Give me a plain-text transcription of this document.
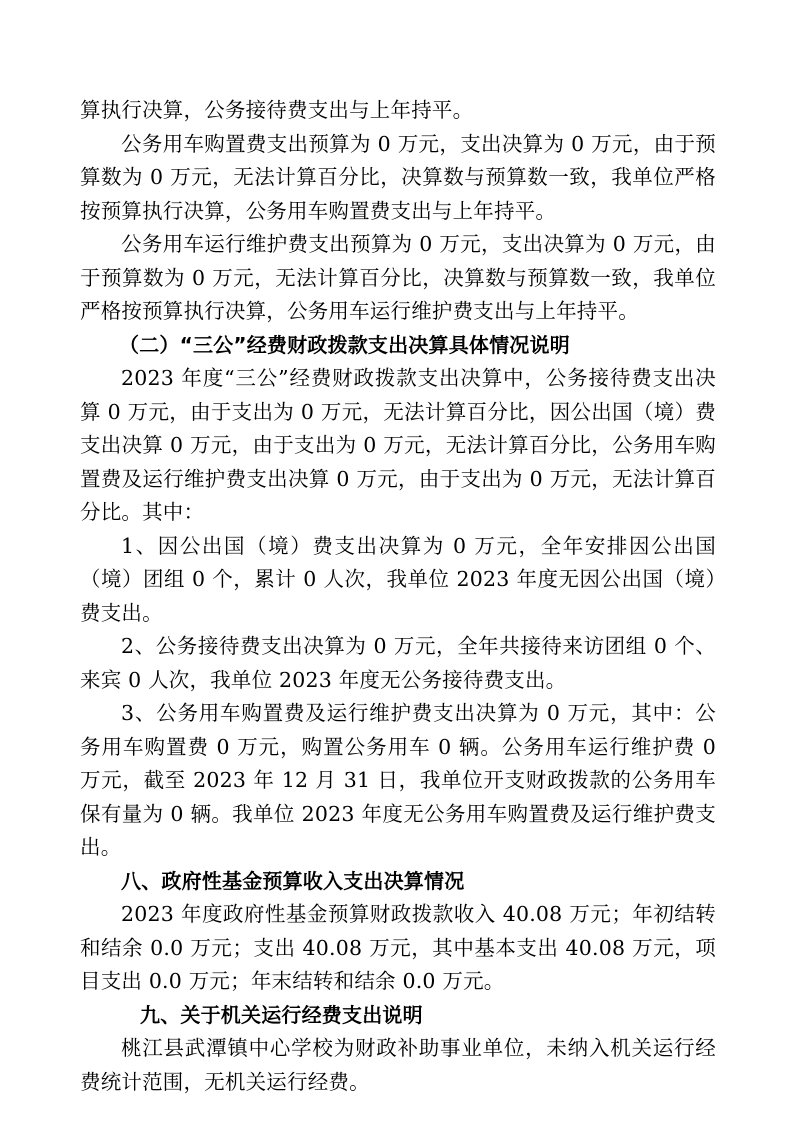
算执行决算，公务接待费支出与上年持平。

公务用车购置费支出预算为 0 万元，支出决算为 0 万元，由于预算数为 0 万元，无法计算百分比，决算数与预算数一致，我单位严格按预算执行决算，公务用车购置费支出与上年持平。

公务用车运行维护费支出预算为 0 万元，支出决算为 0 万元，由于预算数为 0 万元，无法计算百分比，决算数与预算数一致，我单位严格按预算执行决算，公务用车运行维护费支出与上年持平。

（二）“三公”经费财政拨款支出决算具体情况说明

2023 年度“三公”经费财政拨款支出决算中，公务接待费支出决算 0 万元，由于支出为 0 万元，无法计算百分比，因公出国（境）费支出决算 0 万元，由于支出为 0 万元，无法计算百分比，公务用车购置费及运行维护费支出决算 0 万元，由于支出为 0 万元，无法计算百分比。其中：

1、因公出国（境）费支出决算为 0 万元，全年安排因公出国（境）团组 0 个，累计 0 人次，我单位 2023 年度无因公出国（境）费支出。

2、公务接待费支出决算为 0 万元，全年共接待来访团组 0 个、来宾 0 人次，我单位 2023 年度无公务接待费支出。

3、公务用车购置费及运行维护费支出决算为 0 万元，其中：公务用车购置费 0 万元，购置公务用车 0 辆。公务用车运行维护费 0 万元，截至 2023 年 12 月 31 日，我单位开支财政拨款的公务用车保有量为 0 辆。我单位 2023 年度无公务用车购置费及运行维护费支出。

八、政府性基金预算收入支出决算情况

2023 年度政府性基金预算财政拨款收入 40.08 万元；年初结转和结余 0.0 万元；支出 40.08 万元，其中基本支出 40.08 万元，项目支出 0.0 万元；年末结转和结余 0.0 万元。

九、关于机关运行经费支出说明

桃江县武潭镇中心学校为财政补助事业单位，未纳入机关运行经费统计范围，无机关运行经费。
